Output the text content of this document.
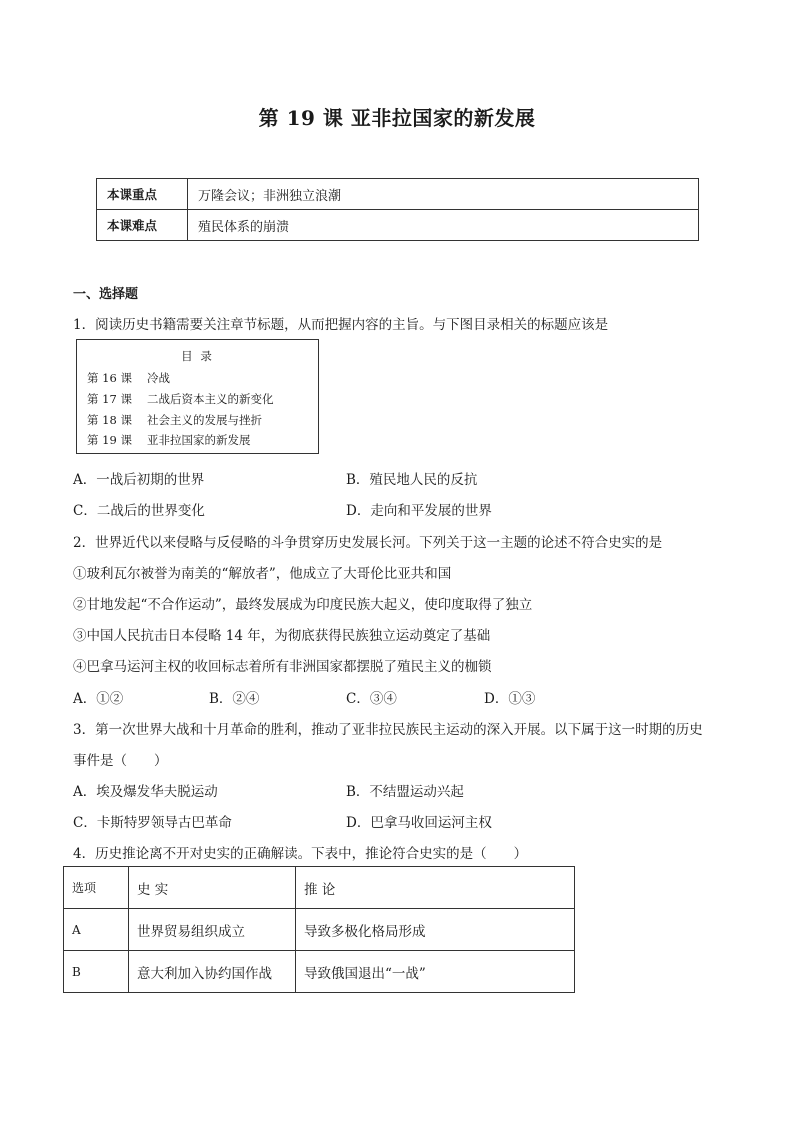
第 19 课 亚非拉国家的新发展
本课重点	万隆会议；非洲独立浪潮
本课难点	殖民体系的崩溃
一、选择题
1．阅读历史书籍需要关注章节标题，从而把握内容的主旨。与下图目录相关的标题应该是
目 录
第 16 课 冷战
第 17 课 二战后资本主义的新变化
第 18 课 社会主义的发展与挫折
第 19 课 亚非拉国家的新发展
A．一战后初期的世界	B．殖民地人民的反抗
C．二战后的世界变化	D．走向和平发展的世界
2．世界近代以来侵略与反侵略的斗争贯穿历史发展长河。下列关于这一主题的论述不符合史实的是
①玻利瓦尔被誉为南美的“解放者”，他成立了大哥伦比亚共和国
②甘地发起“不合作运动”，最终发展成为印度民族大起义，使印度取得了独立
③中国人民抗击日本侵略 14 年，为彻底获得民族独立运动奠定了基础
④巴拿马运河主权的收回标志着所有非洲国家都摆脱了殖民主义的枷锁
A．①②	B．②④	C．③④	D．①③
3．第一次世界大战和十月革命的胜利，推动了亚非拉民族民主运动的深入开展。以下属于这一时期的历史
事件是（　　）
A．埃及爆发华夫脱运动	B．不结盟运动兴起
C．卡斯特罗领导古巴革命	D．巴拿马收回运河主权
4．历史推论离不开对史实的正确解读。下表中，推论符合史实的是（　　）
选项	史 实	推 论
A	世界贸易组织成立	导致多极化格局形成
B	意大利加入协约国作战	导致俄国退出“一战”
